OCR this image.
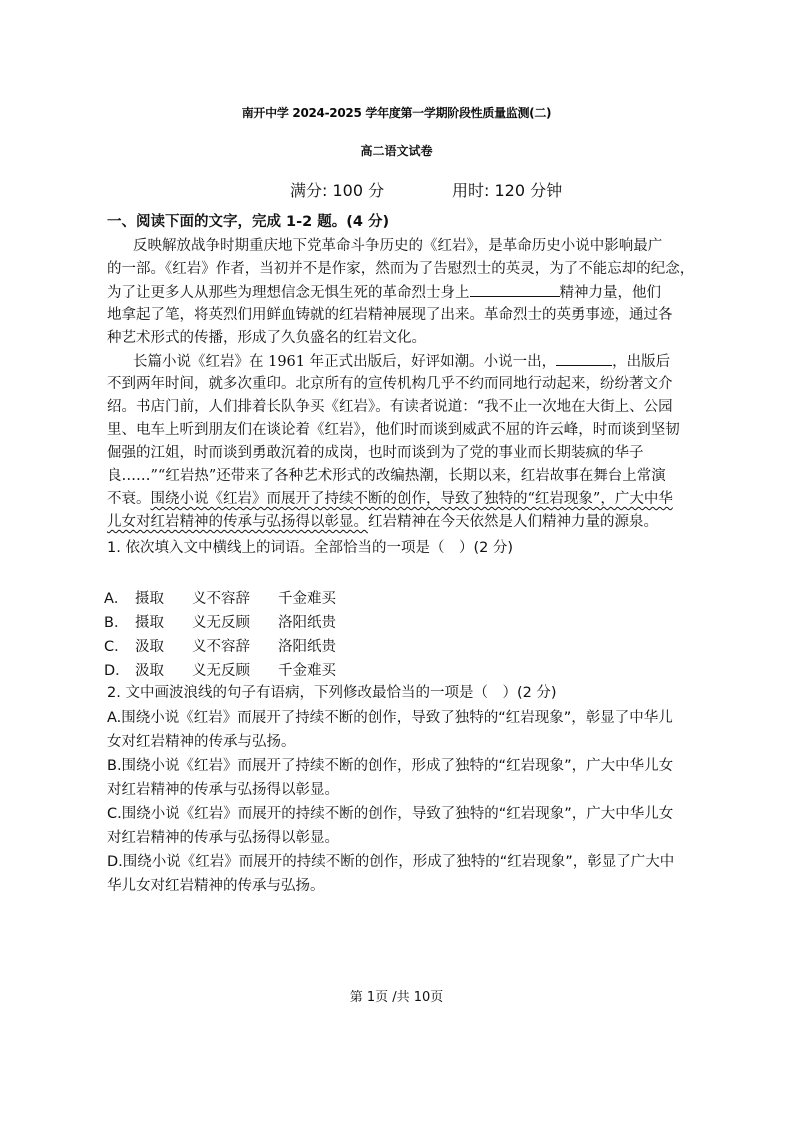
南开中学 2024-2025 学年度第一学期阶段性质量监测(二)
高二语文试卷
满分: 100 分	用时: 120 分钟
一、阅读下面的文字，完成 1-2 题。(4 分)
反映解放战争时期重庆地下党革命斗争历史的《红岩》，是革命历史小说中影响最广
的一部。《红岩》作者，当初并不是作家，然而为了告慰烈士的英灵，为了不能忘却的纪念，
为了让更多人从那些为理想信念无惧生死的革命烈士身上	精神力量，他们
地拿起了笔，将英烈们用鲜血铸就的红岩精神展现了出来。革命烈士的英勇事迹，通过各
种艺术形式的传播，形成了久负盛名的红岩文化。
长篇小说《红岩》在 1961 年正式出版后，好评如潮。小说一出，	，出版后
不到两年时间，就多次重印。北京所有的宣传机构几乎不约而同地行动起来，纷纷著文介
绍。书店门前，人们排着长队争买《红岩》。有读者说道：“我不止一次地在大街上、公园
里、电车上听到朋友们在谈论着《红岩》，他们时而谈到威武不屈的许云峰，时而谈到坚韧
倔强的江姐，时而谈到勇敢沉着的成岗，也时而谈到为了党的事业而长期装疯的华子
良……”“红岩热”还带来了各种艺术形式的改编热潮，长期以来，红岩故事在舞台上常演
不衰。围绕小说《红岩》而展开了持续不断的创作，导致了独特的“红岩现象”，广大中华
儿女对红岩精神的传承与弘扬得以彰显。红岩精神在今天依然是人们精神力量的源泉。
1. 依次填入文中横线上的词语。全部恰当的一项是（　）(2 分)
A． 摄取 义不容辞 千金难买
B． 摄取 义无反顾 洛阳纸贵
C． 汲取 义不容辞 洛阳纸贵
D． 汲取 义无反顾 千金难买
2. 文中画波浪线的句子有语病，下列修改最恰当的一项是（　）(2 分)
A.围绕小说《红岩》而展开了持续不断的创作，导致了独特的“红岩现象”，彰显了中华儿
女对红岩精神的传承与弘扬。
B.围绕小说《红岩》而展开了持续不断的创作，形成了独特的“红岩现象”，广大中华儿女
对红岩精神的传承与弘扬得以彰显。
C.围绕小说《红岩》而展开的持续不断的创作，导致了独特的“红岩现象”，广大中华儿女
对红岩精神的传承与弘扬得以彰显。
D.围绕小说《红岩》而展开的持续不断的创作，形成了独特的“红岩现象”，彰显了广大中
华儿女对红岩精神的传承与弘扬。
第 1页 /共 10页
